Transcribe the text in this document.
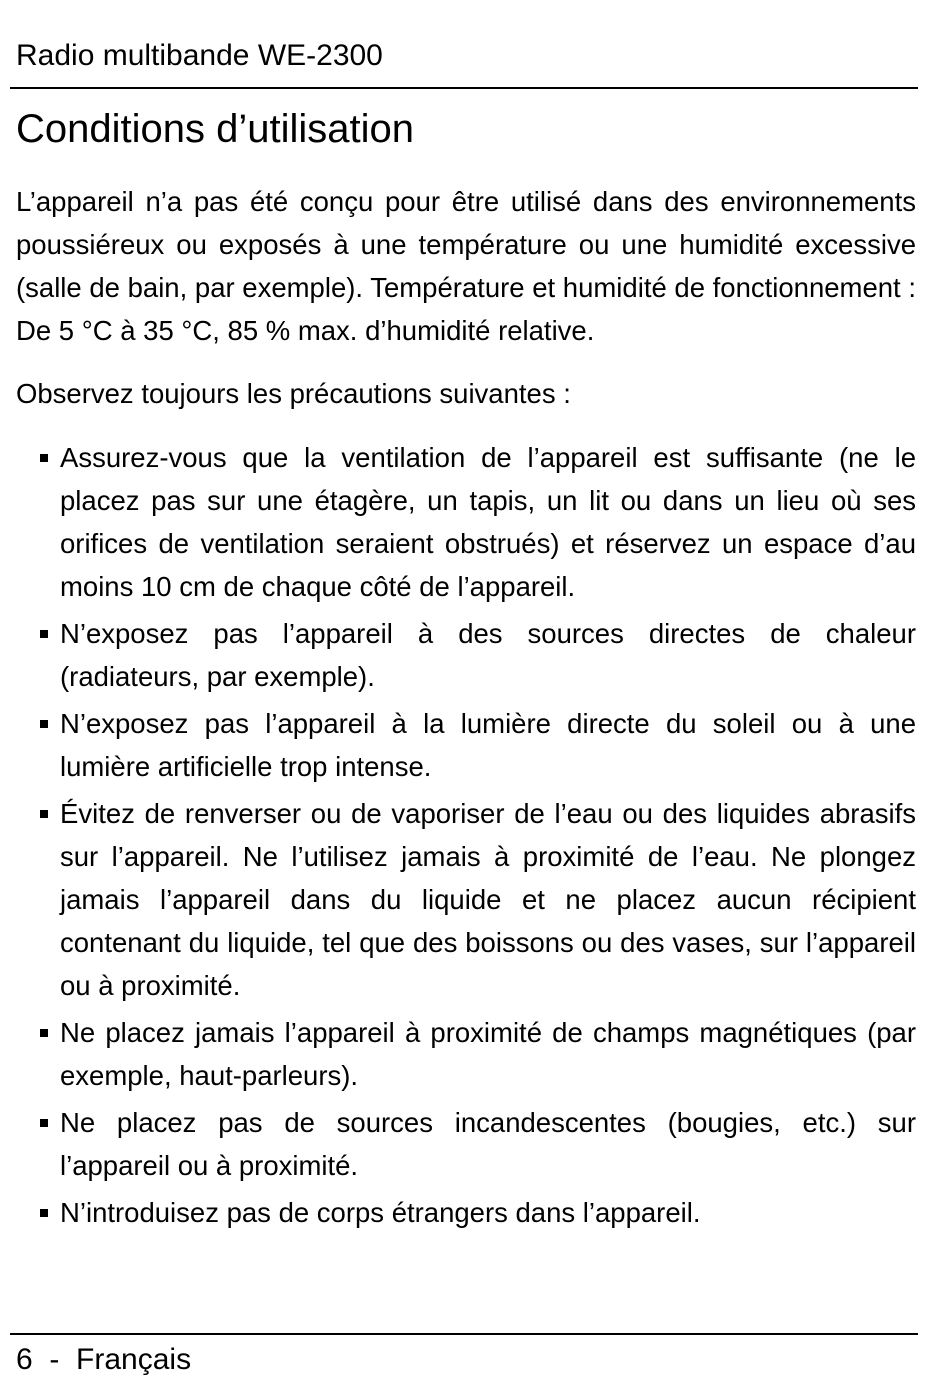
Radio multibande WE-2300
Conditions d’utilisation

L’appareil n’a pas été conçu pour être utilisé dans des environnements poussiéreux ou exposés à une température ou une humidité excessive (salle de bain, par exemple). Température et humidité de fonctionnement : De 5 °C à 35 °C, 85 % max. d’humidité relative.

Observez toujours les précautions suivantes :

Assurez-vous que la ventilation de l’appareil est suffisante (ne le placez pas sur une étagère, un tapis, un lit ou dans un lieu où ses orifices de ventilation seraient obstrués) et réservez un espace d’au moins 10 cm de chaque côté de l’appareil.
N’exposez pas l’appareil à des sources directes de chaleur (radiateurs, par exemple).
N’exposez pas l’appareil à la lumière directe du soleil ou à une lumière artificielle trop intense.
Évitez de renverser ou de vaporiser de l’eau ou des liquides abrasifs sur l’appareil. Ne l’utilisez jamais à proximité de l’eau. Ne plongez jamais l’appareil dans du liquide et ne placez aucun récipient contenant du liquide, tel que des boissons ou des vases, sur l’appareil ou à proximité.
Ne placez jamais l’appareil à proximité de champs magnétiques (par exemple, haut-parleurs).
Ne placez pas de sources incandescentes (bougies, etc.) sur l’appareil ou à proximité.
N’introduisez pas de corps étrangers dans l’appareil.
6 - Français
